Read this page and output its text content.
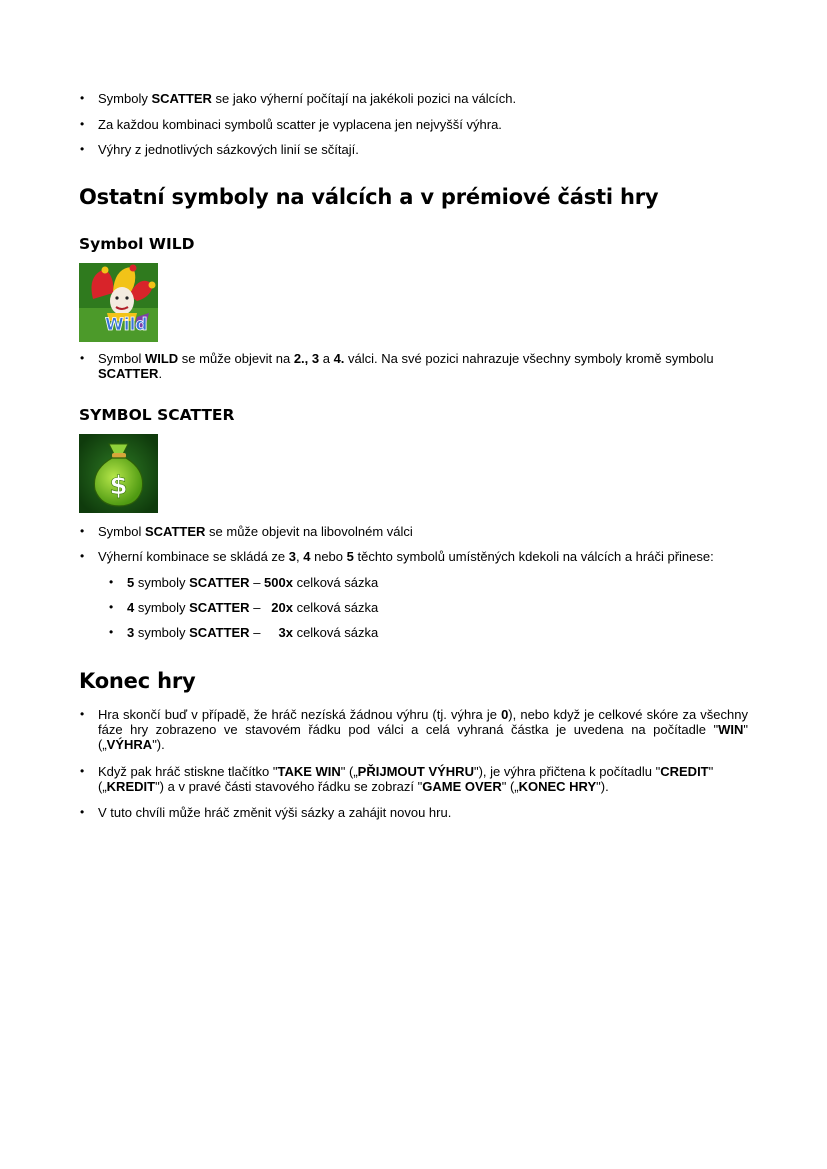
• Symboly SCATTER se jako výherní počítají na jakékoli pozici na válcích.
• Za každou kombinaci symbolů scatter je vyplacena jen nejvyšší výhra.
• Výhry z jednotlivých sázkových linií se sčítají.
Ostatní symboly na válcích a v prémiové části hry
Symbol WILD
Wild
• Symbol WILD se může objevit na 2., 3 a 4. válci. Na své pozici nahrazuje všechny symboly kromě symbolu SCATTER.
SYMBOL SCATTER
$
• Symbol SCATTER se může objevit na libovolném válci
• Výherní kombinace se skládá ze 3, 4 nebo 5 těchto symbolů umístěných kdekoli na válcích a hráči přinese:
• 5 symboly SCATTER – 500x celková sázka
• 4 symboly SCATTER –   20x celková sázka
• 3 symboly SCATTER –     3x celková sázka
Konec hry
• Hra skončí buď v případě, že hráč nezíská žádnou výhru (tj. výhra je 0), nebo když je celkové skóre za všechny fáze hry zobrazeno ve stavovém řádku pod válci a celá vyhraná částka je uvedena na počítadle "WIN" („VÝHRA").
• Když pak hráč stiskne tlačítko "TAKE WIN" („PŘIJMOUT VÝHRU"), je výhra přičtena k počítadlu "CREDIT" („KREDIT") a v pravé části stavového řádku se zobrazí "GAME OVER" („KONEC HRY").
• V tuto chvíli může hráč změnit výši sázky a zahájit novou hru.
